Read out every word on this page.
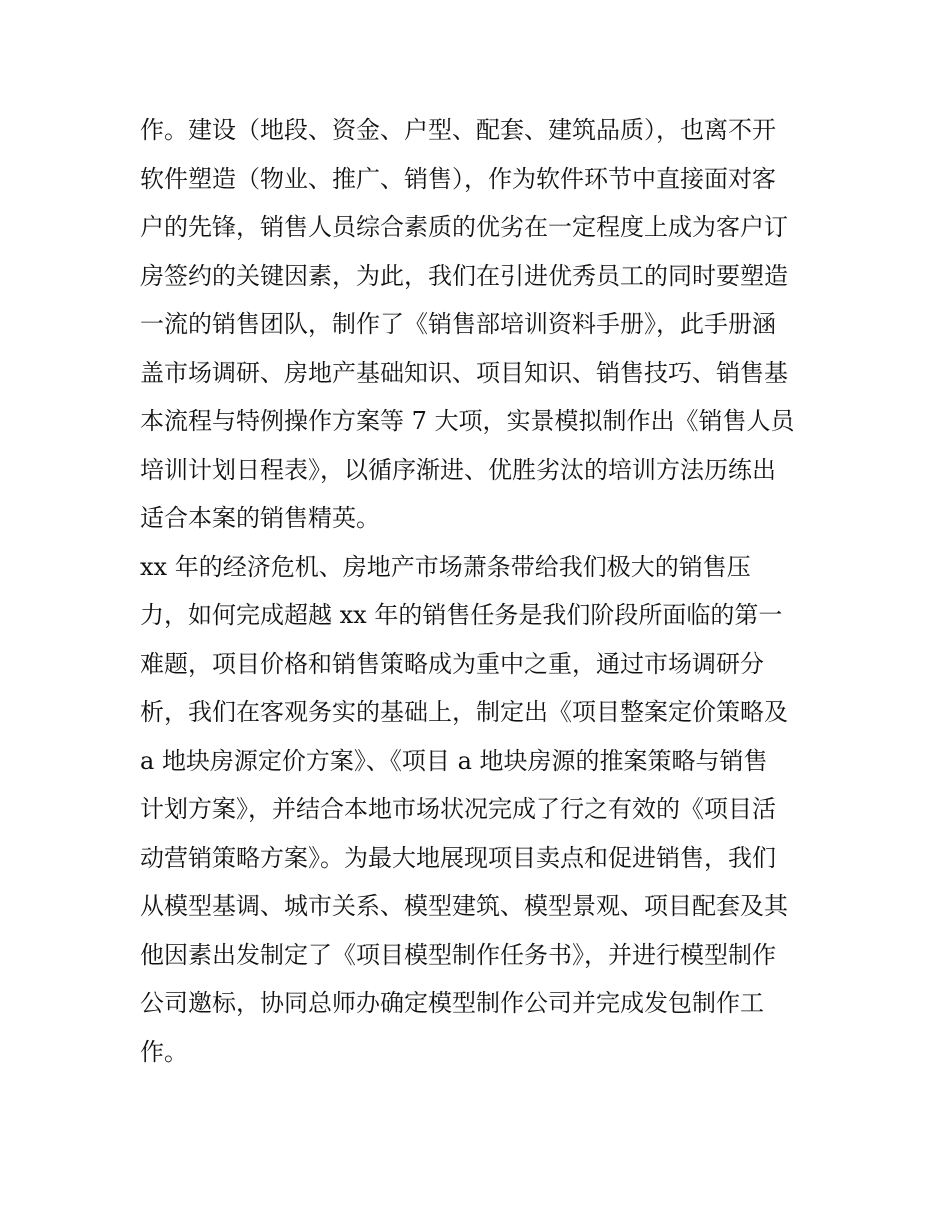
作。建设（地段、资金、户型、配套、建筑品质），也离不开
软件塑造（物业、推广、销售），作为软件环节中直接面对客
户的先锋，销售人员综合素质的优劣在一定程度上成为客户订
房签约的关键因素，为此，我们在引进优秀员工的同时要塑造
一流的销售团队，制作了《销售部培训资料手册》，此手册涵
盖市场调研、房地产基础知识、项目知识、销售技巧、销售基
本流程与特例操作方案等 7 大项，实景模拟制作出《销售人员
培训计划日程表》，以循序渐进、优胜劣汰的培训方法历练出
适合本案的销售精英。
xx 年的经济危机、房地产市场萧条带给我们极大的销售压
力，如何完成超越 xx 年的销售任务是我们阶段所面临的第一
难题，项目价格和销售策略成为重中之重，通过市场调研分
析，我们在客观务实的基础上，制定出《项目整案定价策略及
a 地块房源定价方案》、《项目 a 地块房源的推案策略与销售
计划方案》，并结合本地市场状况完成了行之有效的《项目活
动营销策略方案》。为最大地展现项目卖点和促进销售，我们
从模型基调、城市关系、模型建筑、模型景观、项目配套及其
他因素出发制定了《项目模型制作任务书》，并进行模型制作
公司邀标，协同总师办确定模型制作公司并完成发包制作工
作。
